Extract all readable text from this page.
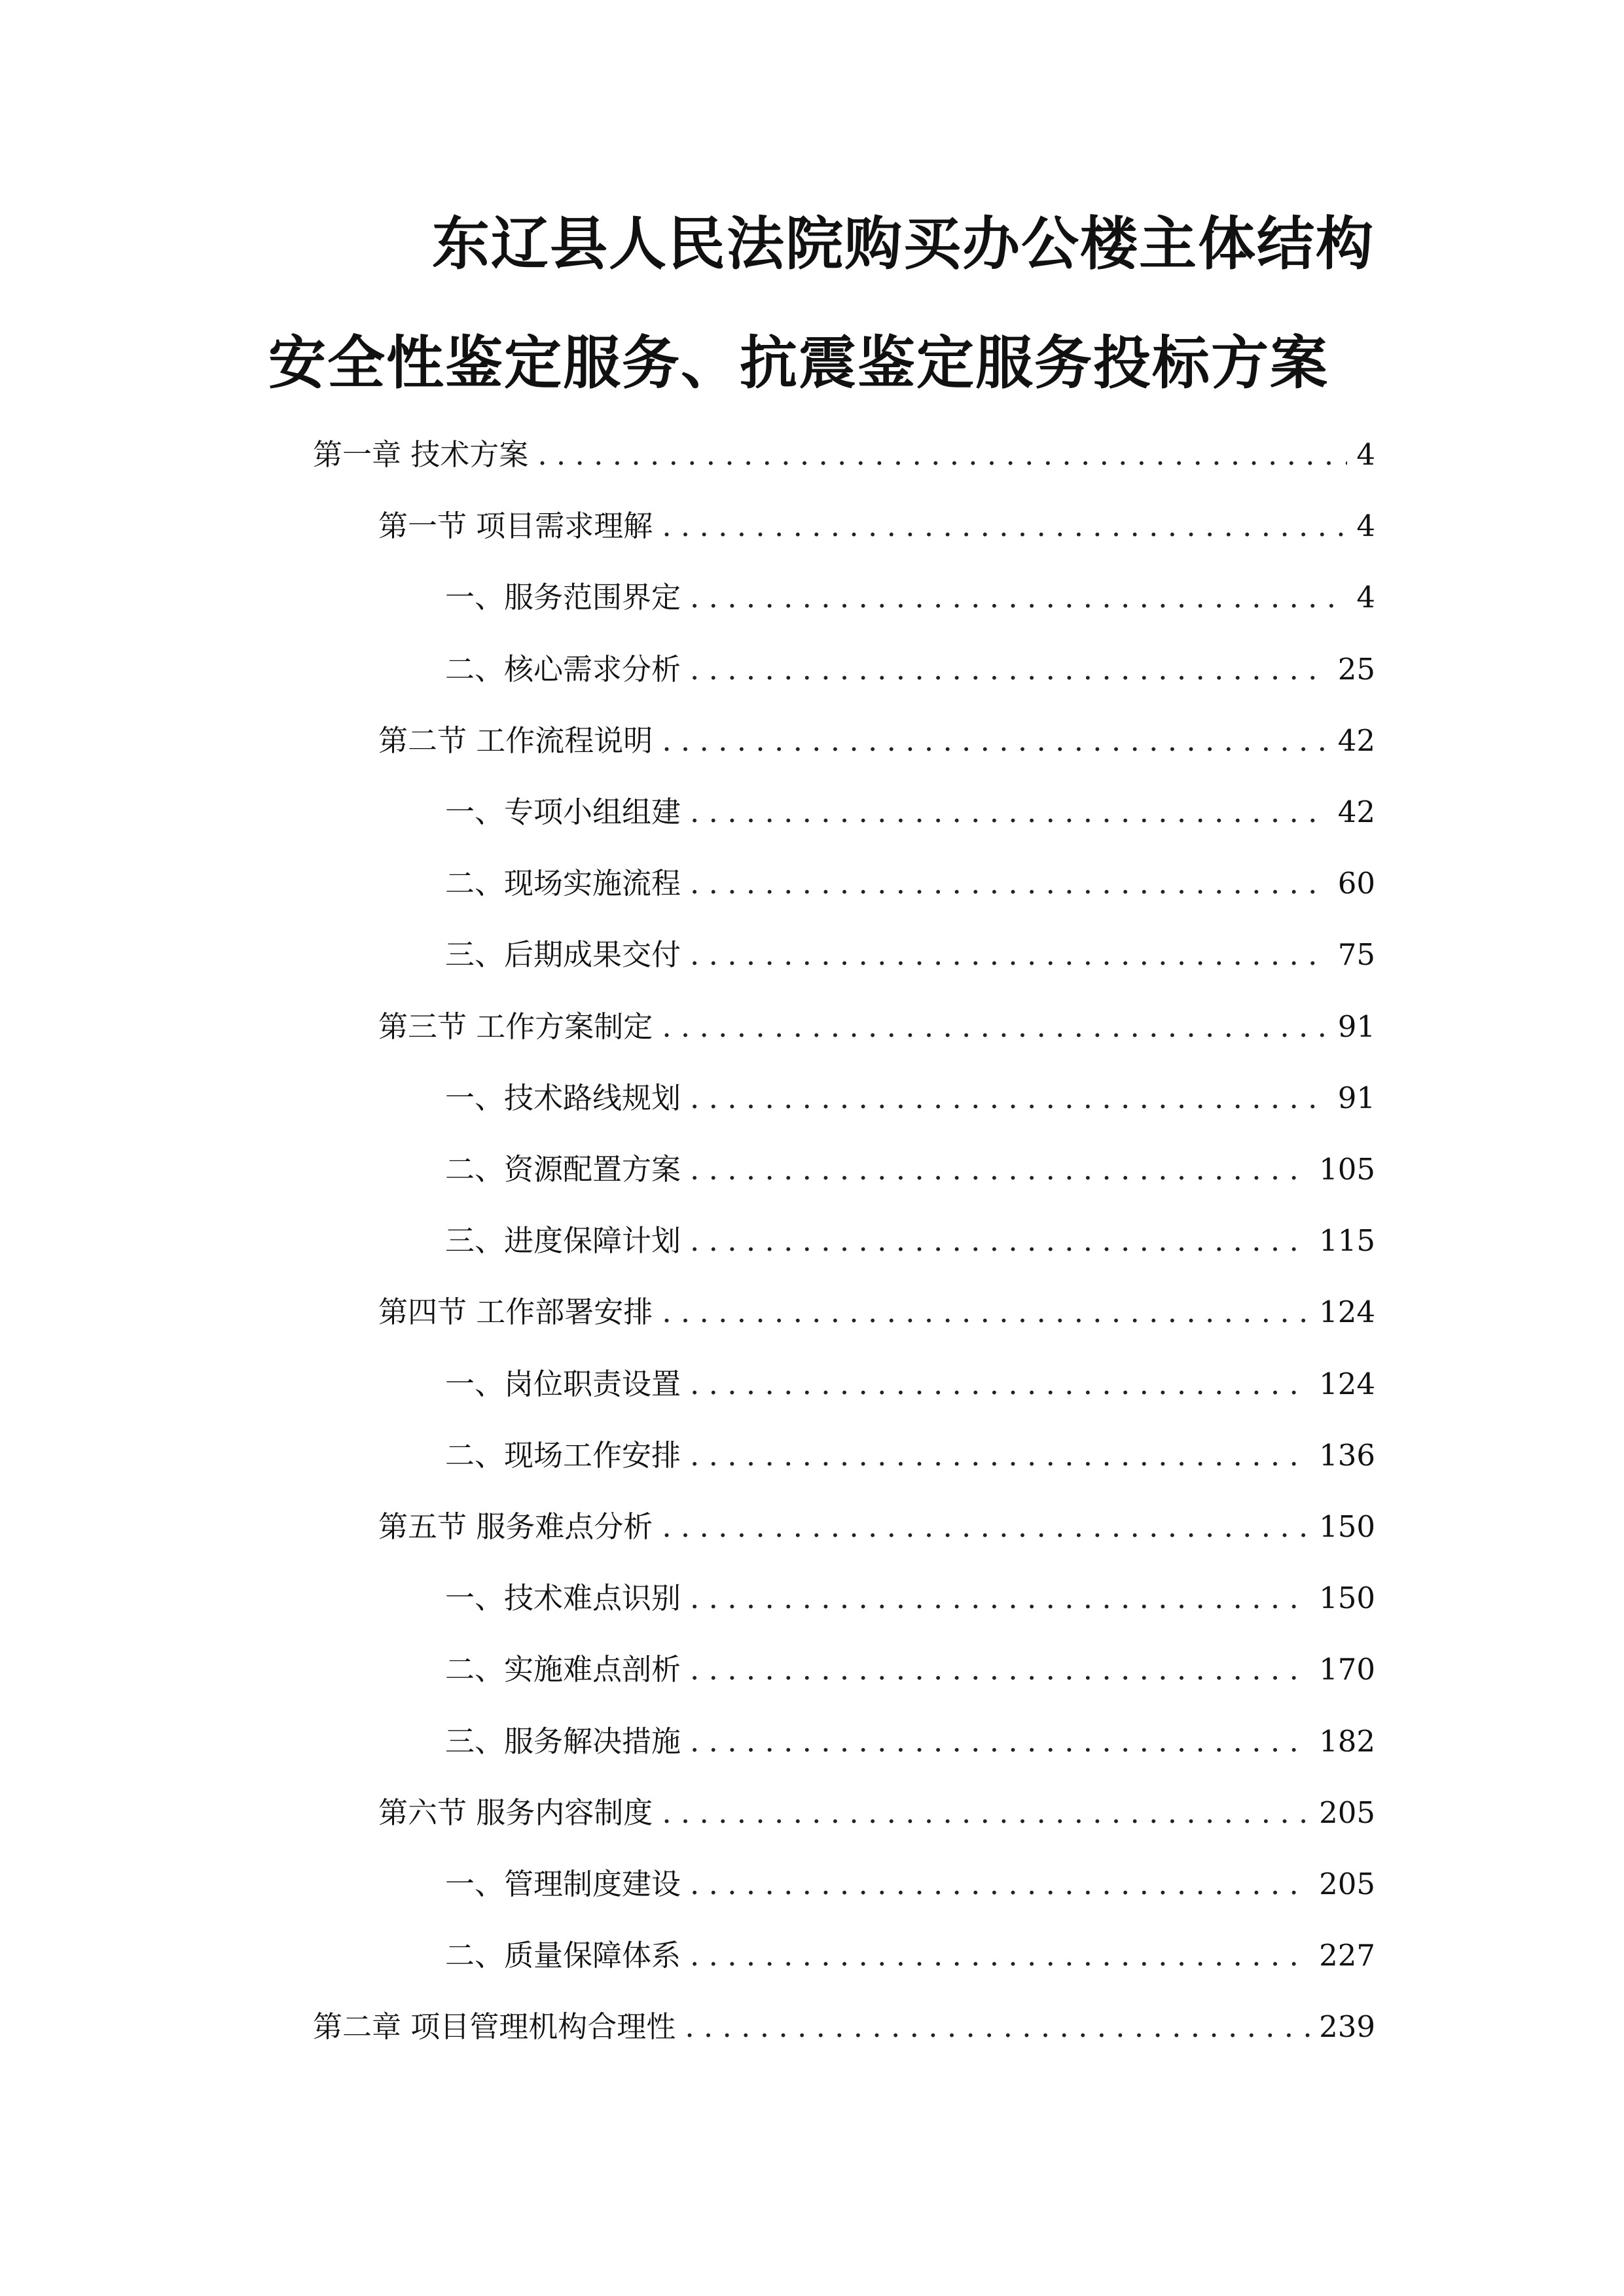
东辽县人民法院购买办公楼主体结构
安全性鉴定服务、抗震鉴定服务投标方案
第一章 技术方案 . . .	4
第一节 项目需求理解 . . .	4
一、 服务范围界定 . . .	4
二、 核心需求分析 . . .	25
第二节 工作流程说明 . . .	42
一、 专项小组组建 . . .	42
二、 现场实施流程 . . .	60
三、 后期成果交付 . . .	75
第三节 工作方案制定 . . .	91
一、 技术路线规划 . . .	91
二、 资源配置方案 . . .	105
三、 进度保障计划 . . .	115
第四节 工作部署安排 . . .	124
一、 岗位职责设置 . . .	124
二、 现场工作安排 . . .	136
第五节 服务难点分析 . . .	150
一、 技术难点识别 . . .	150
二、 实施难点剖析 . . .	170
三、 服务解决措施 . . .	182
第六节 服务内容制度 . . .	205
一、 管理制度建设 . . .	205
二、 质量保障体系 . . .	227
第二章 项目管理机构合理性 . . .	239
